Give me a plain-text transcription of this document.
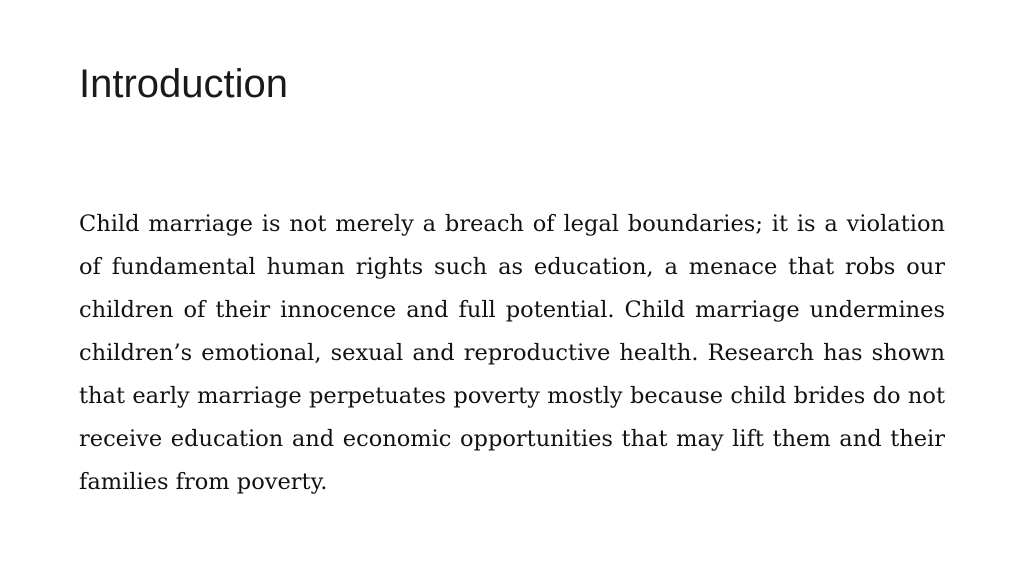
Introduction

Child marriage is not merely a breach of legal boundaries; it is a violation of fundamental human rights such as education, a menace that robs our children of their innocence and full potential. Child marriage undermines children’s emotional, sexual and reproductive health. Research has shown that early marriage perpetuates poverty mostly because child brides do not receive education and economic opportunities that may lift them and their families from poverty.
